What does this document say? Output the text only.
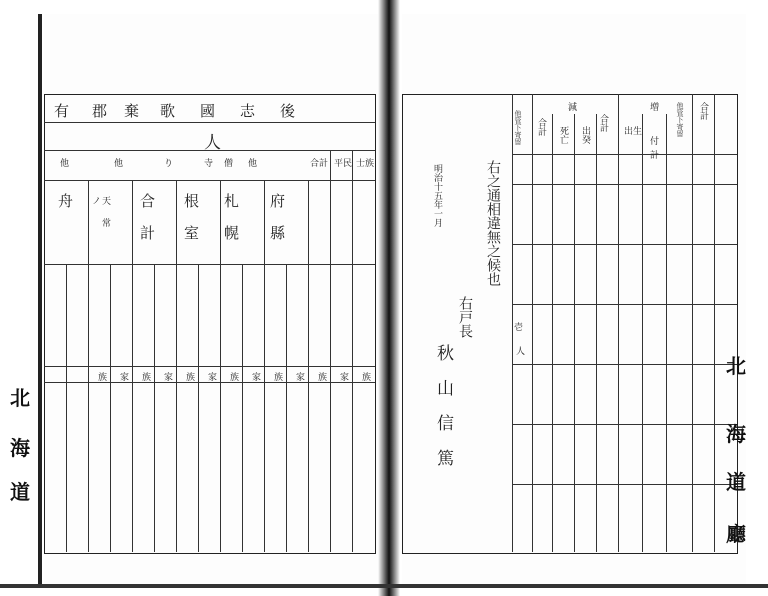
後
志
國
歌
棄
郡
有
人
士族
平民
合計
他
僧
寺
り
他
他
府
札
根
合
天
ノ
舟
縣
幌
室
計
常
族
家
族
家
族
家
族
家
族
家
族
家
族
北
海
道
合計
他管下寄留
計
付
増
出生
合計
死亡 出癸
減
他管下寄留 合計
壱
人
右之通相違無之候也
明治十五年一月
右戸長
秋山信篤	北
海
道
廳
